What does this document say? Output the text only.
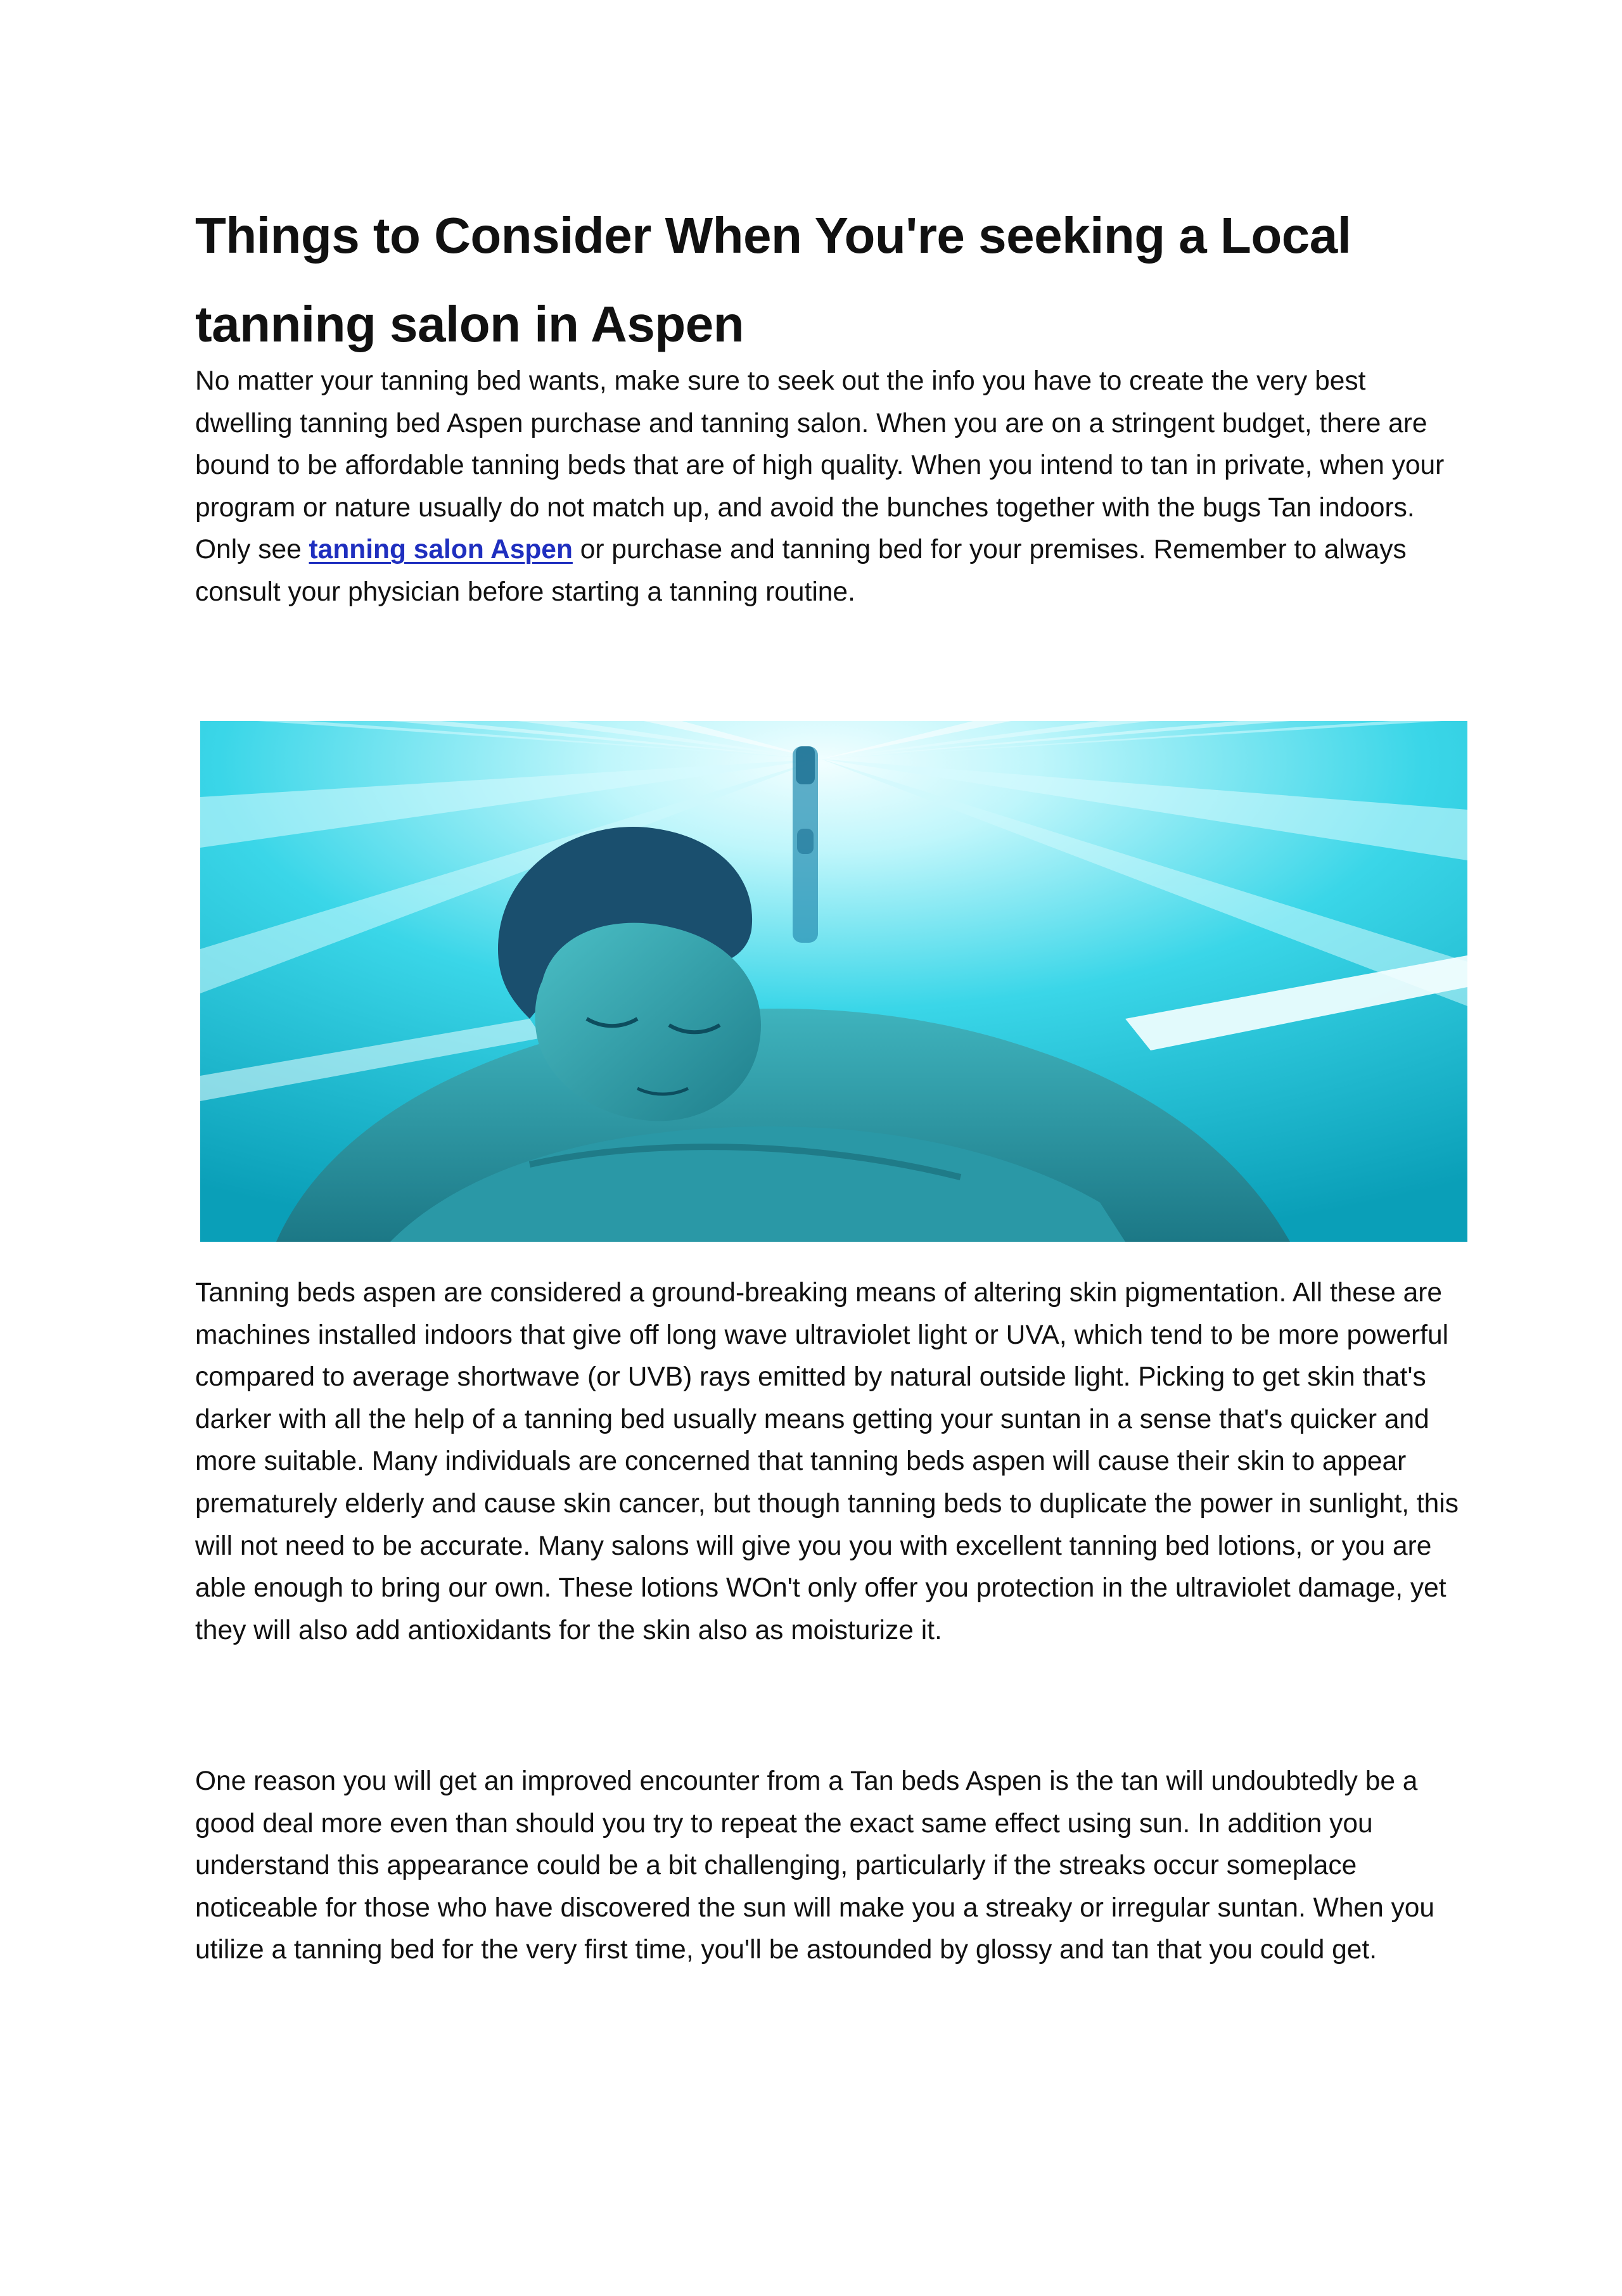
Things to Consider When You're seeking a Local tanning salon in Aspen

No matter your tanning bed wants, make sure to seek out the info you have to create the very best dwelling tanning bed Aspen purchase and tanning salon. When you are on a stringent budget, there are bound to be affordable tanning beds that are of high quality. When you intend to tan in private, when your program or nature usually do not match up, and avoid the bunches together with the bugs Tan indoors. Only see tanning salon Aspen or purchase and tanning bed for your premises. Remember to always consult your physician before starting a tanning routine.

Tanning beds aspen are considered a ground-breaking means of altering skin pigmentation. All these are machines installed indoors that give off long wave ultraviolet light or UVA, which tend to be more powerful compared to average shortwave (or UVB) rays emitted by natural outside light. Picking to get skin that's darker with all the help of a tanning bed usually means getting your suntan in a sense that's quicker and more suitable. Many individuals are concerned that tanning beds aspen will cause their skin to appear prematurely elderly and cause skin cancer, but though tanning beds to duplicate the power in sunlight, this will not need to be accurate. Many salons will give you you with excellent tanning bed lotions, or you are able enough to bring our own. These lotions WOn't only offer you protection in the ultraviolet damage, yet they will also add antioxidants for the skin also as moisturize it.

One reason you will get an improved encounter from a Tan beds Aspen is the tan will undoubtedly be a good deal more even than should you try to repeat the exact same effect using sun. In addition you understand this appearance could be a bit challenging, particularly if the streaks occur someplace noticeable for those who have discovered the sun will make you a streaky or irregular suntan. When you utilize a tanning bed for the very first time, you'll be astounded by glossy and tan that you could get.
